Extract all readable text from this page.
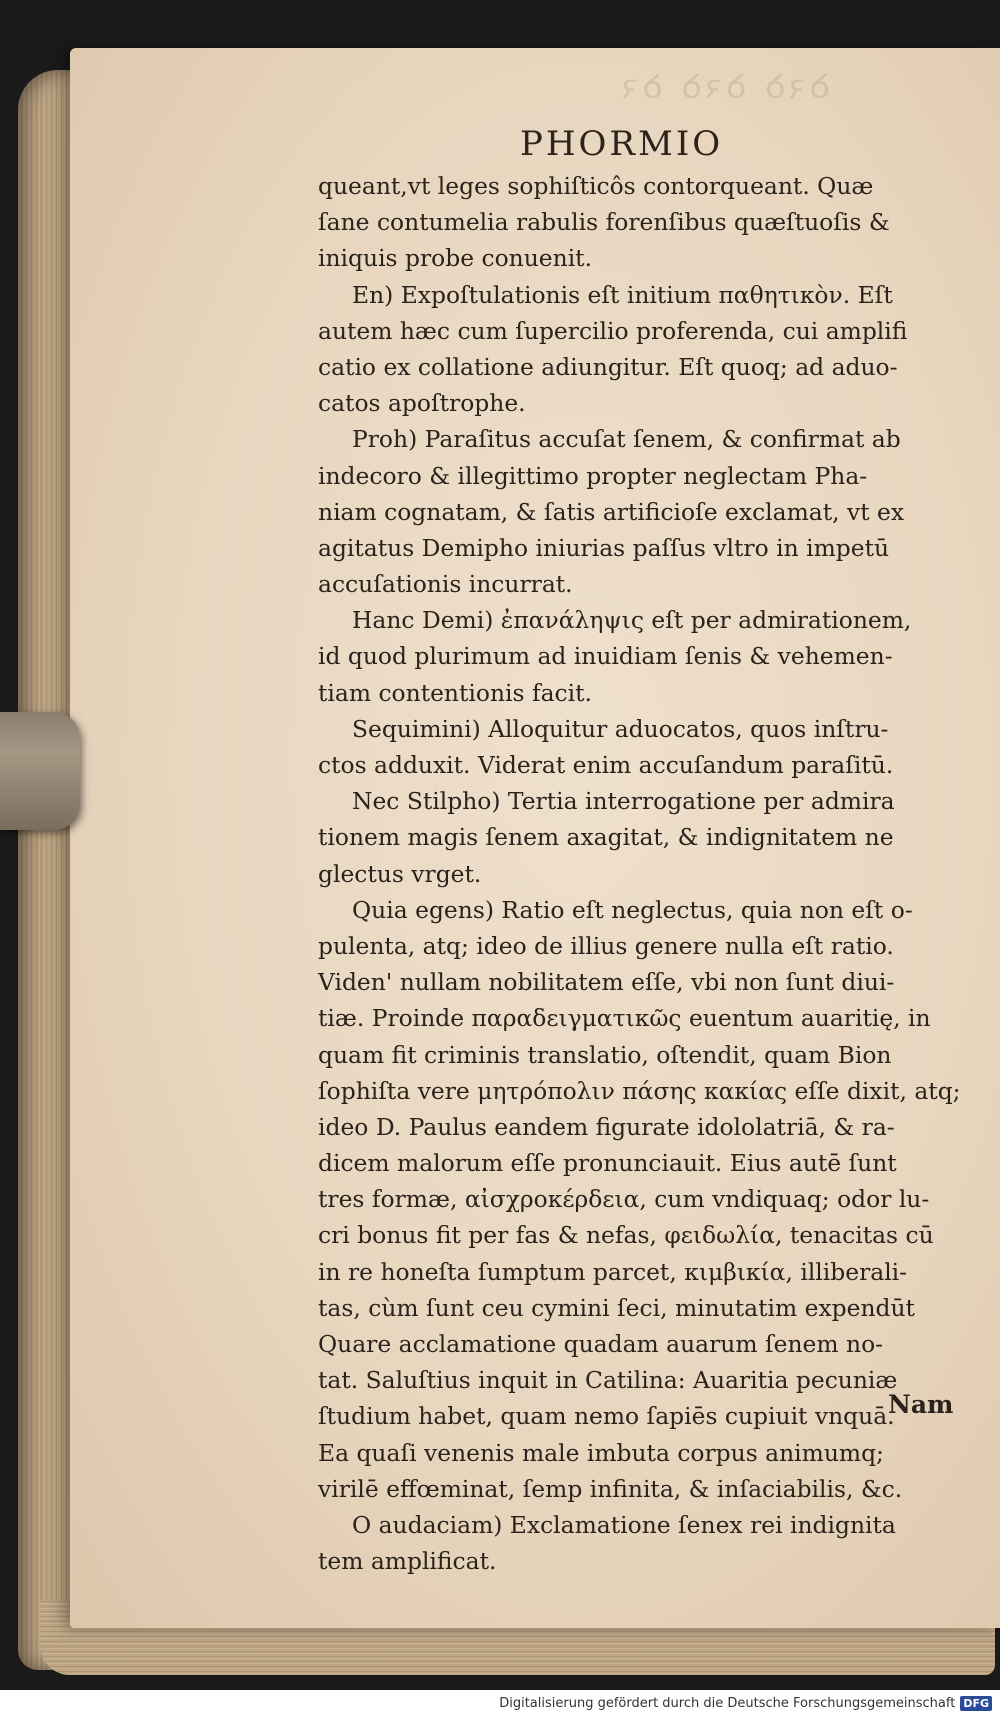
ꝺꝛꝺ ꝺꝛꝺ ꝺꝛ
PHORMIO
queant,vt leges sophiſticôs contorqueant. Quæ
ſane contumelia rabulis forenſibus quæſtuoſis &
iniquis probe conuenit.
En) Expoſtulationis eſt initium παθητικὸν. Eſt
autem hæc cum ſupercilio proferenda, cui amplifi
catio ex collatione adiungitur. Eſt quoq; ad aduo-
catos apoſtrophe.
Proh) Paraſitus accuſat ſenem, & confirmat ab
indecoro & illegittimo propter neglectam Pha-
niam cognatam, & ſatis artificioſe exclamat, vt ex
agitatus Demipho iniurias paſſus vltro in impetū
accuſationis incurrat.
Hanc Demi) ἐπανάληψις eſt per admirationem,
id quod plurimum ad inuidiam ſenis & vehemen-
tiam contentionis facit.
Sequimini) Alloquitur aduocatos, quos inſtru-
ctos adduxit. Viderat enim accuſandum paraſitū.
Nec Stilpho) Tertia interrogatione per admira
tionem magis ſenem axagitat, & indignitatem ne
glectus vrget.
Quia egens) Ratio eſt neglectus, quia non eſt o-
pulenta, atq; ideo de illius genere nulla eſt ratio.
Viden' nullam nobilitatem eſſe, vbi non ſunt diui-
tiæ. Proinde παραδειγματικῶς euentum auaritię, in
quam fit criminis translatio, oſtendit, quam Bion
ſophiſta vere μητρόπολιν πάσης κακίας eſſe dixit, atq;
ideo D. Paulus eandem figurate idololatriā, & ra-
dicem malorum eſſe pronunciauit. Eius autē ſunt
tres formæ, αἰσχροκέρδεια, cum vndiquaq; odor lu-
cri bonus fit per fas & nefas, φειδωλία, tenacitas cū
in re honeſta ſumptum parcet, κιμβικία, illiberali-
tas, cùm ſunt ceu cymini ſeci, minutatim expendūt
Quare acclamatione quadam auarum ſenem no-
tat. Saluſtius inquit in Catilina: Auaritia pecuniæ
ſtudium habet, quam nemo ſapiēs cupiuit vnquā.
Ea quaſi venenis male imbuta corpus animumq;
virilē effœminat, ſemp infinita, & inſaciabilis, &c.
O audaciam) Exclamatione ſenex rei indignita
tem amplificat.
Nam
Digitalisierung gefördert durch die Deutsche Forschungsgemeinschaft DFG
